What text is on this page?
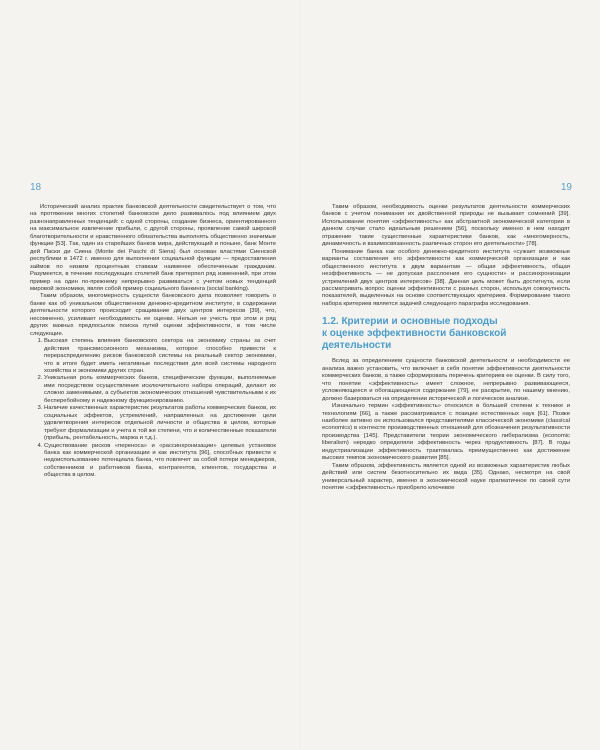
18

Исторический анализ практик банковской деятельности свидетельствует о том, что на протяжении многих столетий банковское дело развивалось под влиянием двух разнонаправленных тенденций: с одной стороны, создание бизнеса, ориентированного на максимальное извлечение прибыли, с другой стороны, проявление самой широкой благотворительности и нравственного обязательства выполнять общественно значимые функции [53]. Так, один из старейших банков мира, действующий и поныне, банк Монте дей Паски ди Сиена (Monte dei Paschi di Siena) был основан властями Сиенской республики в 1472 г. именно для выполнения социальной функции — предоставления займов по низким процентным ставкам наименее обеспеченным гражданам. Разумеется, в течение последующих столетий банк претерпел ряд изменений, при этом пример на один по-прежнему непрерывно развиваться с учетом новых тенденций мировой экономики, являя собой пример социального банкинга (social banking).

Таким образом, многомерность сущности банковского дела позволяет говорить о банке как об уникальном общественном денежно-кредитном институте, в содержании деятельности которого происходит сращивание двух центров интересов [39], что, несомненно, усиливает необходимость ее оценки. Нельзя не учесть при этом и ряд других важных предпосылок поиска путей оценки эффективности, в том числе следующие.

1. Высокая степень влияния банковского сектора на экономику страны за счет действия трансмиссионного механизма, которое способно привести к перераспределению рисков банковской системы на реальный сектор экономики, что в итоге будет иметь негативные последствия для всей системы народного хозяйства и экономики других стран.
2. Уникальная роль коммерческих банков, специфические функции, выполняемые ими посредством осуществления исключительного набора операций, делают их сложно заменимыми, а субъектов экономических отношений чувствительными к их бесперебойному и надежному функционированию.
3. Наличие качественных характеристик результатов работы коммерческих банков, их социальных эффектов, устремлений, направленных на достижение цели удовлетворения интересов отдельной личности и общества в целом, которые требуют формализации и учета в той же степени, что и количественные показатели (прибыль, рентабельность, маржа и т.д.).
4. Существование рисков «переноса» и «рассинхронизации» целевых установок банка как коммерческой организации и как института [96], способных привести к недоиспользованию потенциала банка, что повлечет за собой потери менеджеров, собственников и работников банка, контрагентов, клиентов, государства и общества в целом.
19

Таким образом, необходимость оценки результатов деятельности коммерческих банков с учетом понимания их двойственной природы не вызывает сомнений [39]. Использование понятия «эффективность» как абстрактной экономической категории в данном случае стало идеальным решением [56], поскольку именно в нем находят отражение такие существенные характеристики банков, как «многомерность, динамичность и взаимосвязанность различных сторон его деятельности» [78].

Понимание банка как особого денежно-кредитного института «сужает возможные варианты составления его эффективности как коммерческой организации и как общественного института к двум вариантам — общая эффективность, общая неэффективность — не допуская расслоения его сущности» и рассинхронизации устремлений двух центров интересов» [38]. Данная цель может быть достигнута, если рассматривать вопрос оценки эффективности с разных сторон, используя совокупность показателей, выделенных на основе соответствующих критериев. Формирование такого набора критериев является задачей следующего параграфа исследования.

1.2. Критерии и основные подходы
к оценке эффективности банковской деятельности

Вслед за определением сущности банковской деятельности и необходимости ее анализа важно установить, что включает в себя понятие эффективности деятельности коммерческих банков, а также сформировать перечень критериев ее оценки. В силу того, что понятие «эффективность» имеет сложное, непрерывно развивающееся, усложняющееся и обогащающееся содержание [79], ее раскрытие, по нашему мнению, должно базироваться на определении исторической и логическом анализе.

Изначально термин «эффективность» относился в большей степени к технике и технологиям [66], а также рассматривался с позиции естественных наук [61]. Позже наиболее активно он использовался представителями классической экономики (classical economics) в контексте производственных отношений для обозначения результативности производства [145]. Представители теории экономического либерализма (economic liberalism) нередко определяли эффективность через продуктивность [87]. В годы индустриализации эффективность трактовалась преимущественно как достижение высоких темпов экономического развития [85].

Таким образом, эффективность является одной из возможных характеристик любых действий или систем безотносительно их вида [35]. Однако, несмотря на свой универсальный характер, именно в экономической науке прагматичное по своей сути понятие «эффективность» приобрело ключевое
